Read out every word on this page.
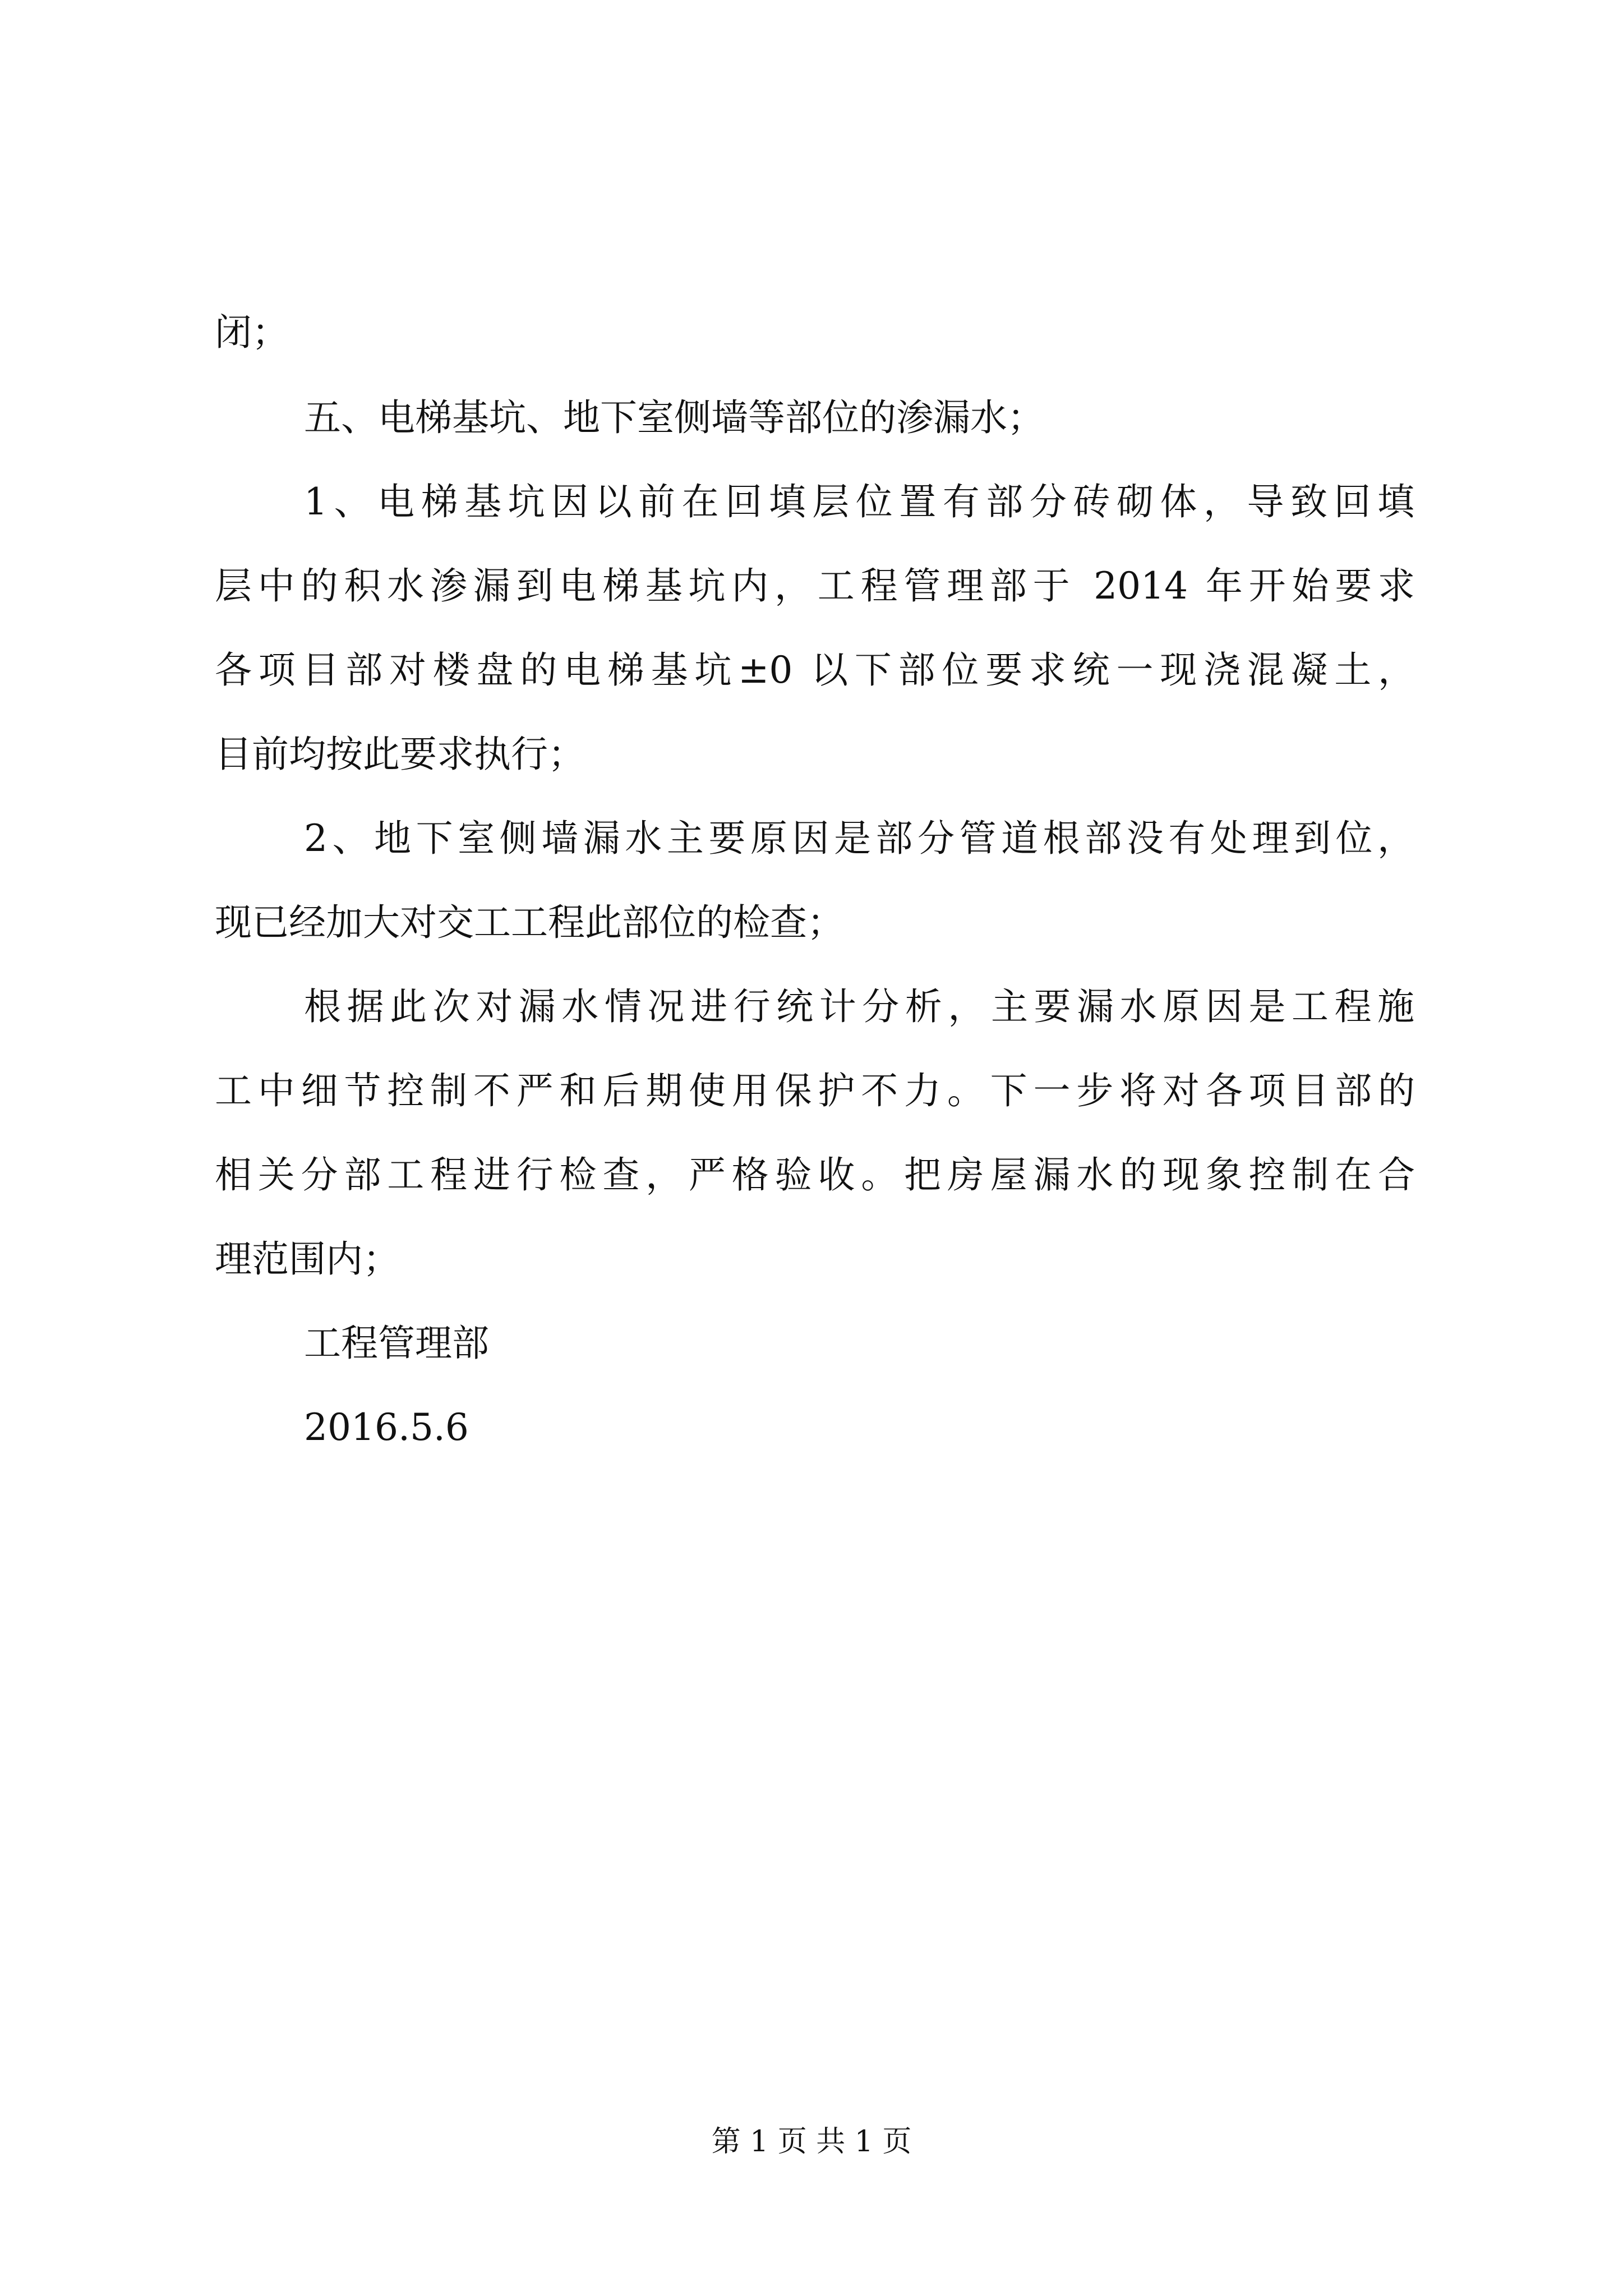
闭；
五、电梯基坑、地下室侧墙等部位的渗漏水；
1、电梯基坑因以前在回填层位置有部分砖砌体，导致回填
层中的积水渗漏到电梯基坑内，工程管理部于 2014 年开始要求
各项目部对楼盘的电梯基坑±0 以下部位要求统一现浇混凝土，
目前均按此要求执行；
2、地下室侧墙漏水主要原因是部分管道根部没有处理到位，
现已经加大对交工工程此部位的检查；
根据此次对漏水情况进行统计分析，主要漏水原因是工程施
工中细节控制不严和后期使用保护不力。下一步将对各项目部的
相关分部工程进行检查，严格验收。把房屋漏水的现象控制在合
理范围内；
工程管理部
2016.5.6
第 1 页 共 1 页
